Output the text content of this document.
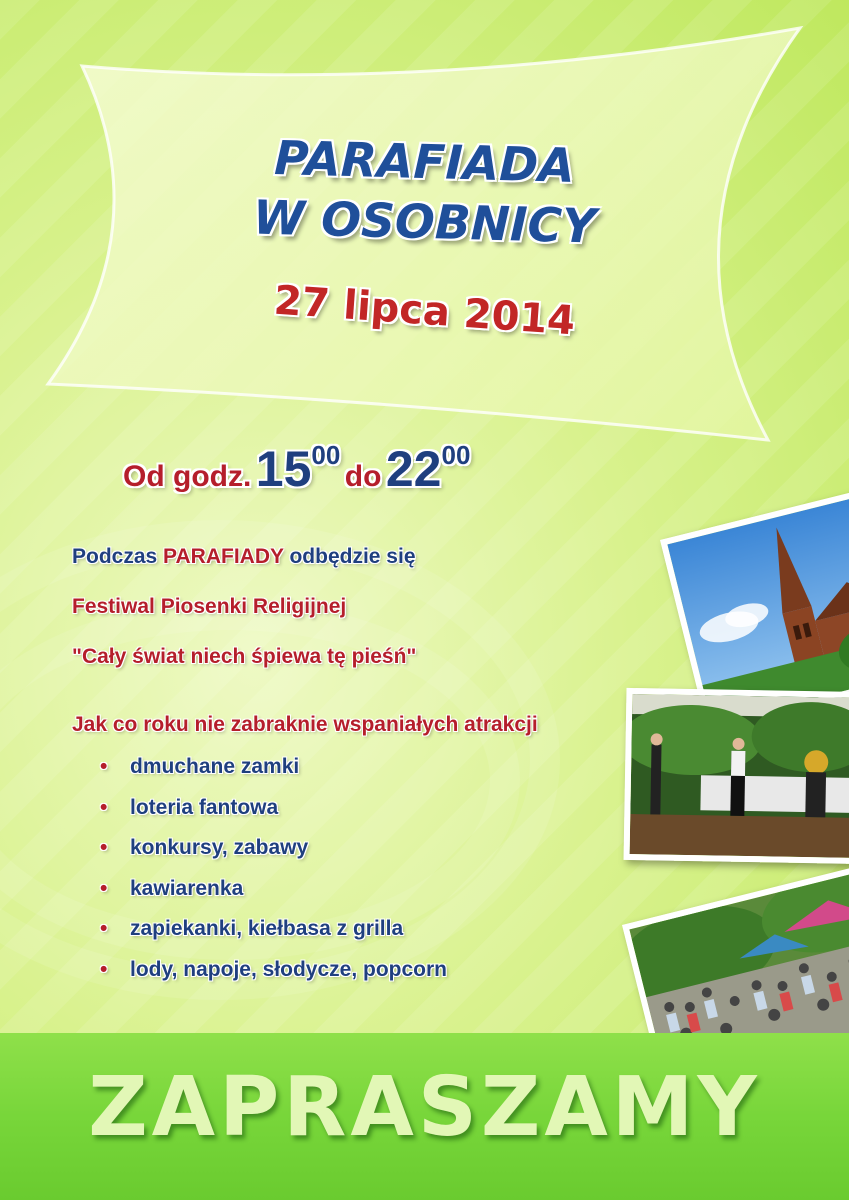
PARAFIADA
W OSOBNICY
27 lipca 2014
Od godz. $15^{00}$ do $22^{00}$
Podczas PARAFIADY odbędzie się
Festiwal Piosenki Religijnej
"Cały świat niech śpiewa tę pieśń"
Jak co roku nie zabraknie wspaniałych atrakcji
• dmuchane zamki
• loteria fantowa
• konkursy, zabawy
• kawiarenka
• zapiekanki, kiełbasa z grilla
• lody, napoje, słodycze, popcorn
ZAPRASZAMY
